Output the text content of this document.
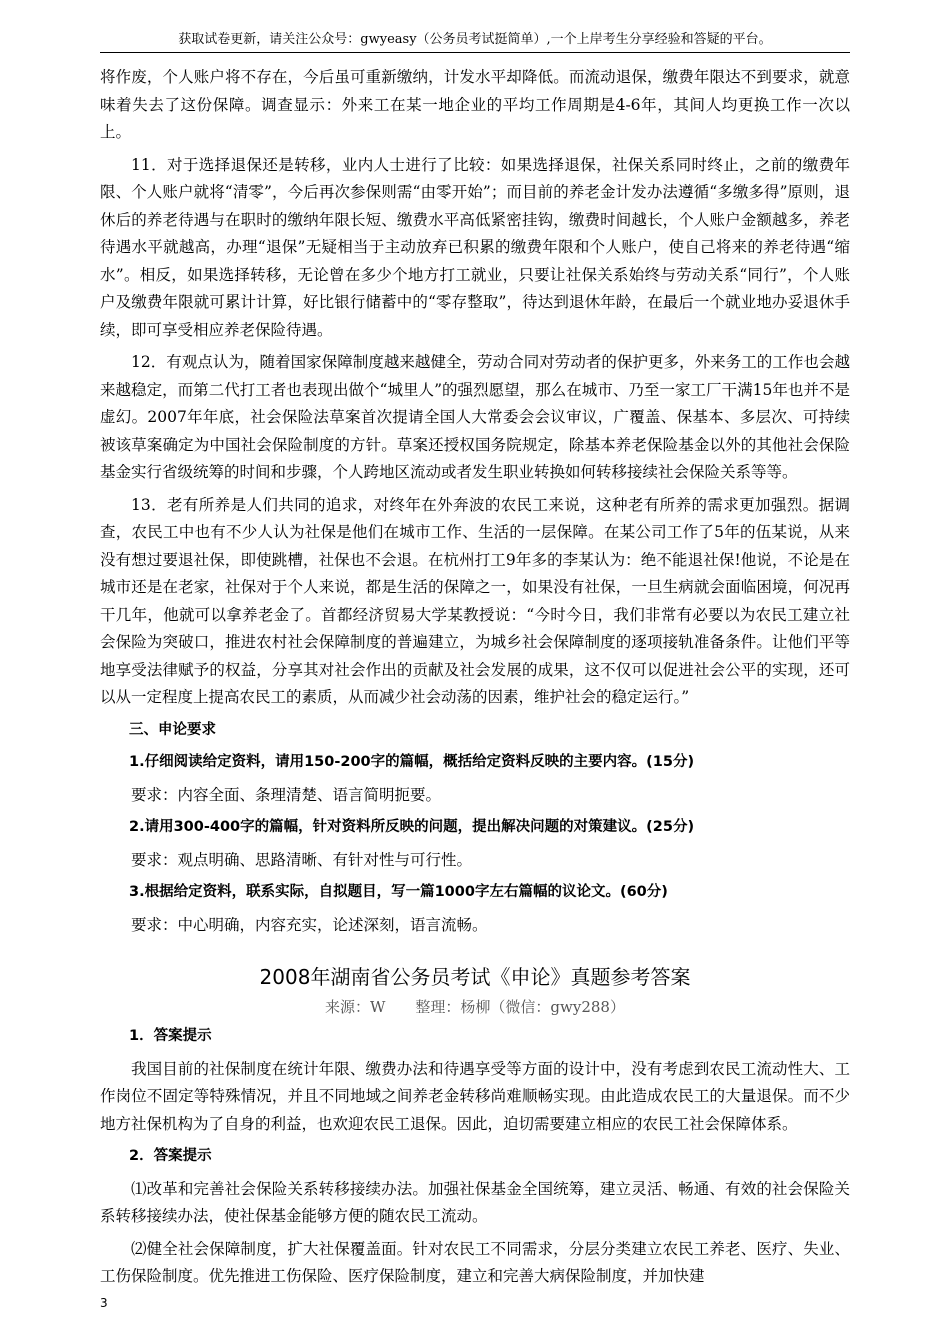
获取试卷更新，请关注公众号：gwyeasy（公务员考试挺简单）,一个上岸考生分享经验和答疑的平台。

将作废，个人账户将不存在，今后虽可重新缴纳，计发水平却降低。而流动退保，缴费年限达不到要求，就意味着失去了这份保障。调查显示：外来工在某一地企业的平均工作周期是4-6年，其间人均更换工作一次以上。

11．对于选择退保还是转移，业内人士进行了比较：如果选择退保，社保关系同时终止，之前的缴费年限、个人账户就将“清零”，今后再次参保则需“由零开始”；而目前的养老金计发办法遵循“多缴多得”原则，退休后的养老待遇与在职时的缴纳年限长短、缴费水平高低紧密挂钩，缴费时间越长，个人账户金额越多，养老待遇水平就越高，办理“退保”无疑相当于主动放弃已积累的缴费年限和个人账户，使自己将来的养老待遇“缩水”。相反，如果选择转移，无论曾在多少个地方打工就业，只要让社保关系始终与劳动关系“同行”，个人账户及缴费年限就可累计计算，好比银行储蓄中的“零存整取”，待达到退休年龄，在最后一个就业地办妥退休手续，即可享受相应养老保险待遇。

12．有观点认为，随着国家保障制度越来越健全，劳动合同对劳动者的保护更多，外来务工的工作也会越来越稳定，而第二代打工者也表现出做个“城里人”的强烈愿望，那么在城市、乃至一家工厂干满15年也并不是虚幻。2007年年底，社会保险法草案首次提请全国人大常委会会议审议，广覆盖、保基本、多层次、可持续被该草案确定为中国社会保险制度的方针。草案还授权国务院规定，除基本养老保险基金以外的其他社会保险基金实行省级统筹的时间和步骤，个人跨地区流动或者发生职业转换如何转移接续社会保险关系等等。

13．老有所养是人们共同的追求，对终年在外奔波的农民工来说，这种老有所养的需求更加强烈。据调查，农民工中也有不少人认为社保是他们在城市工作、生活的一层保障。在某公司工作了5年的伍某说，从来没有想过要退社保，即使跳槽，社保也不会退。在杭州打工9年多的李某认为：绝不能退社保!他说，不论是在城市还是在老家，社保对于个人来说，都是生活的保障之一，如果没有社保，一旦生病就会面临困境，何况再干几年，他就可以拿养老金了。首都经济贸易大学某教授说：“今时今日，我们非常有必要以为农民工建立社会保险为突破口，推进农村社会保障制度的普遍建立，为城乡社会保障制度的逐项接轨准备条件。让他们平等地享受法律赋予的权益，分享其对社会作出的贡献及社会发展的成果，这不仅可以促进社会公平的实现，还可以从一定程度上提高农民工的素质，从而减少社会动荡的因素，维护社会的稳定运行。”

三、申论要求

1.仔细阅读给定资料，请用150-200字的篇幅，概括给定资料反映的主要内容。(15分)

要求：内容全面、条理清楚、语言简明扼要。

2.请用300-400字的篇幅，针对资料所反映的问题，提出解决问题的对策建议。(25分)

要求：观点明确、思路清晰、有针对性与可行性。

3.根据给定资料，联系实际，自拟题目，写一篇1000字左右篇幅的议论文。(60分)

要求：中心明确，内容充实，论述深刻，语言流畅。

2008年湖南省公务员考试《申论》真题参考答案
来源：W　　整理：杨柳（微信：gwy288）

1．答案提示

我国目前的社保制度在统计年限、缴费办法和待遇享受等方面的设计中，没有考虑到农民工流动性大、工作岗位不固定等特殊情况，并且不同地域之间养老金转移尚难顺畅实现。由此造成农民工的大量退保。而不少地方社保机构为了自身的利益，也欢迎农民工退保。因此，迫切需要建立相应的农民工社会保障体系。

2．答案提示

⑴改革和完善社会保险关系转移接续办法。加强社保基金全国统筹，建立灵活、畅通、有效的社会保险关系转移接续办法，使社保基金能够方便的随农民工流动。

⑵健全社会保障制度，扩大社保覆盖面。针对农民工不同需求，分层分类建立农民工养老、医疗、失业、工伤保险制度。优先推进工伤保险、医疗保险制度，建立和完善大病保险制度，并加快建

3
